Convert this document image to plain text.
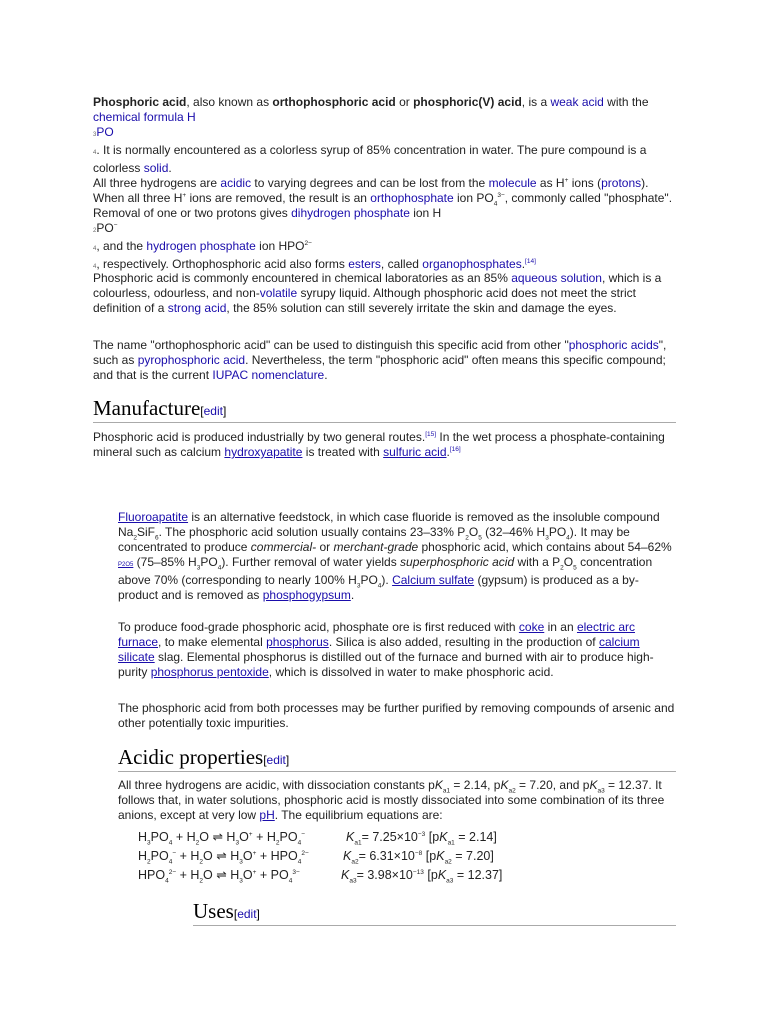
Phosphoric acid, also known as orthophosphoric acid or phosphoric(V) acid, is a weak acid with the chemical formula H
3PO
4. It is normally encountered as a colorless syrup of 85% concentration in water. The pure compound is a colorless solid.
All three hydrogens are acidic to varying degrees and can be lost from the molecule as H+ ions (protons). When all three H+ ions are removed, the result is an orthophosphate ion $PO_4^{3-}$, commonly called "phosphate". Removal of one or two protons gives dihydrogen phosphate ion H
2PO−
4, and the hydrogen phosphate ion $HPO^{2-}$
4, respectively. Orthophosphoric acid also forms esters, called organophosphates.[14]
Phosphoric acid is commonly encountered in chemical laboratories as an 85% aqueous solution, which is a colourless, odourless, and non-volatile syrupy liquid. Although phosphoric acid does not meet the strict definition of a strong acid, the 85% solution can still severely irritate the skin and damage the eyes.
The name "orthophosphoric acid" can be used to distinguish this specific acid from other "phosphoric acids", such as pyrophosphoric acid. Nevertheless, the term "phosphoric acid" often means this specific compound; and that is the current IUPAC nomenclature.
Manufacture[edit]
Phosphoric acid is produced industrially by two general routes.[15] In the wet process a phosphate-containing mineral such as calcium hydroxyapatite is treated with sulfuric acid.[16]
Fluoroapatite is an alternative feedstock, in which case fluoride is removed as the insoluble compound $Na_2SiF_6$. The phosphoric acid solution usually contains 23–33% $P_2O_5$ (32–46% $H_3PO_4$). It may be concentrated to produce commercial- or merchant-grade phosphoric acid, which contains about 54–62% P2O5 (75–85% $H_3PO_4$). Further removal of water yields superphosphoric acid with a $P_2O_5$ concentration above 70% (corresponding to nearly 100% $H_3PO_4$). Calcium sulfate (gypsum) is produced as a by-product and is removed as phosphogypsum.
To produce food-grade phosphoric acid, phosphate ore is first reduced with coke in an electric arc furnace, to make elemental phosphorus. Silica is also added, resulting in the production of calcium silicate slag. Elemental phosphorus is distilled out of the furnace and burned with air to produce high-purity phosphorus pentoxide, which is dissolved in water to make phosphoric acid.
The phosphoric acid from both processes may be further purified by removing compounds of arsenic and other potentially toxic impurities.
Acidic properties[edit]
All three hydrogens are acidic, with dissociation constants $pK_{a1} = 2.14$, $pK_{a2} = 7.20$, and $pK_{a3} = 12.37$. It follows that, in water solutions, phosphoric acid is mostly dissociated into some combination of its three anions, except at very low pH. The equilibrium equations are:
$H_3PO_4 + H_2O$ ⇌ $H_3O^+ + H_2PO_4^-$	$K_{a1}= 7.25\times 10^{-3}$ $[pK_{a1} = 2.14]$
$H_2PO_4^- + H_2O$ ⇌ $H_3O^+ + HPO_4^{2-}$	$K_{a2}= 6.31\times 10^{-8}$ $[pK_{a2} = 7.20]$
$HPO_4^{2-} + H_2O$ ⇌ $H_3O^+ + PO_4^{3-}$	$K_{a3}= 3.98\times 10^{-13}$ $[pK_{a3} = 12.37]$
Uses[edit]
